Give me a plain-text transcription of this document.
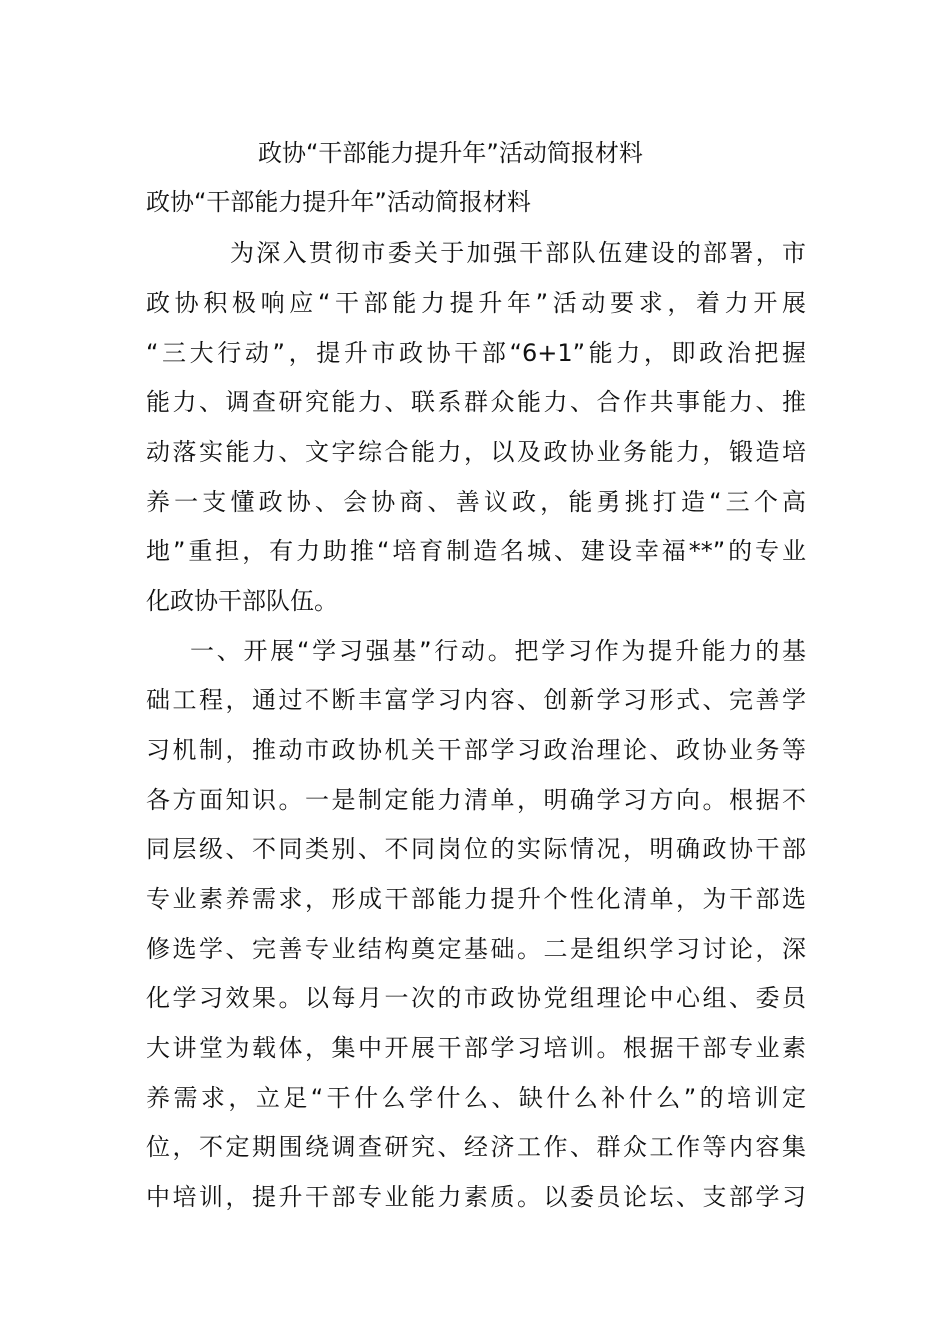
政协“干部能力提升年”活动简报材料
政协“干部能力提升年”活动简报材料

为深入贯彻市委关于加强干部队伍建设的部署，市

政协积极响应“干部能力提升年”活动要求，着力开展

“三大行动”，提升市政协干部“6+1”能力，即政治把握

能力、调查研究能力、联系群众能力、合作共事能力、推

动落实能力、文字综合能力，以及政协业务能力，锻造培

养一支懂政协、会协商、善议政，能勇挑打造“三个高

地”重担，有力助推“培育制造名城、建设幸福**”的专业

化政协干部队伍。

一、开展“学习强基”行动。把学习作为提升能力的基

础工程，通过不断丰富学习内容、创新学习形式、完善学

习机制，推动市政协机关干部学习政治理论、政协业务等

各方面知识。一是制定能力清单，明确学习方向。根据不

同层级、不同类别、不同岗位的实际情况，明确政协干部

专业素养需求，形成干部能力提升个性化清单，为干部选

修选学、完善专业结构奠定基础。二是组织学习讨论，深

化学习效果。以每月一次的市政协党组理论中心组、委员

大讲堂为载体，集中开展干部学习培训。根据干部专业素

养需求，立足“干什么学什么、缺什么补什么”的培训定

位，不定期围绕调查研究、经济工作、群众工作等内容集

中培训，提升干部专业能力素质。以委员论坛、支部学习
